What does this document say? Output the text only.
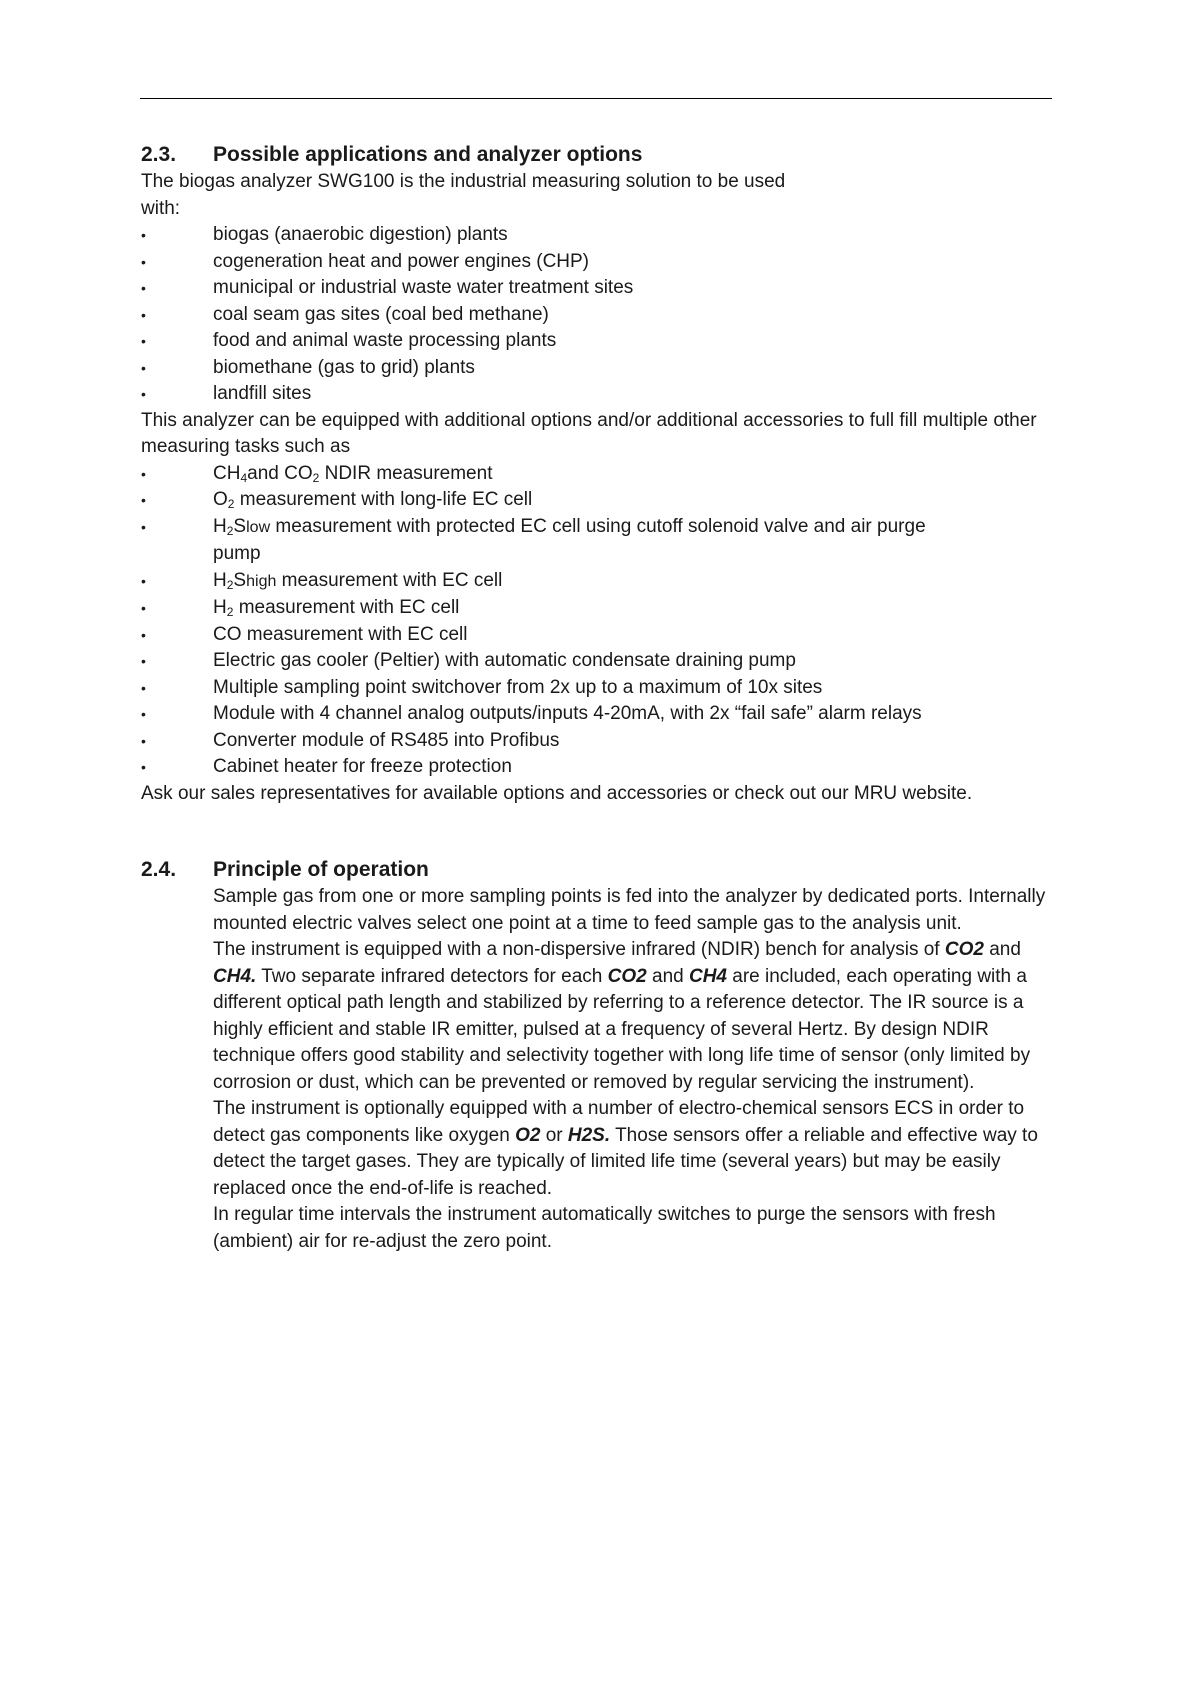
2.3.	Possible applications and analyzer options

The biogas analyzer SWG100 is the industrial measuring solution to be used with:

•	biogas (anaerobic digestion) plants
•	cogeneration heat and power engines (CHP)
•	municipal or industrial waste water treatment sites
•	coal seam gas sites (coal bed methane)
•	food and animal waste processing plants
•	biomethane (gas to grid) plants
•	landfill sites

This analyzer can be equipped with additional options and/or additional accessories to full fill multiple other measuring tasks such as

•	$CH_4and$ $CO_2$ NDIR measurement
•	$O_2$ measurement with long-life EC cell
•	$H_2Slow$ measurement with protected EC cell using cutoff solenoid valve and air purge pump
•	$H_2Shigh$ measurement with EC cell
•	$H_2$ measurement with EC cell
•	CO measurement with EC cell
•	Electric gas cooler (Peltier) with automatic condensate draining pump
•	Multiple sampling point switchover from 2x up to a maximum of 10x sites
•	Module with 4 channel analog outputs/inputs 4-20mA, with 2x “fail safe” alarm relays
•	Converter module of RS485 into Profibus
•	Cabinet heater for freeze protection

Ask our sales representatives for available options and accessories or check out our MRU website.

2.4.	Principle of operation

Sample gas from one or more sampling points is fed into the analyzer by dedicated ports. Internally mounted electric valves select one point at a time to feed sample gas to the analysis unit.

The instrument is equipped with a non-dispersive infrared (NDIR) bench for analysis of CO2 and CH4. Two separate infrared detectors for each CO2 and CH4 are included, each operating with a different optical path length and stabilized by referring to a reference detector. The IR source is a highly efficient and stable IR emitter, pulsed at a frequency of several Hertz. By design NDIR technique offers good stability and selectivity together with long life time of sensor (only limited by corrosion or dust, which can be prevented or removed by regular servicing the instrument).

The instrument is optionally equipped with a number of electro-chemical sensors ECS in order to detect gas components like oxygen O2 or H2S. Those sensors offer a reliable and effective way to detect the target gases. They are typically of limited life time (several years) but may be easily replaced once the end-of-life is reached.

In regular time intervals the instrument automatically switches to purge the sensors with fresh (ambient) air for re-adjust the zero point.
